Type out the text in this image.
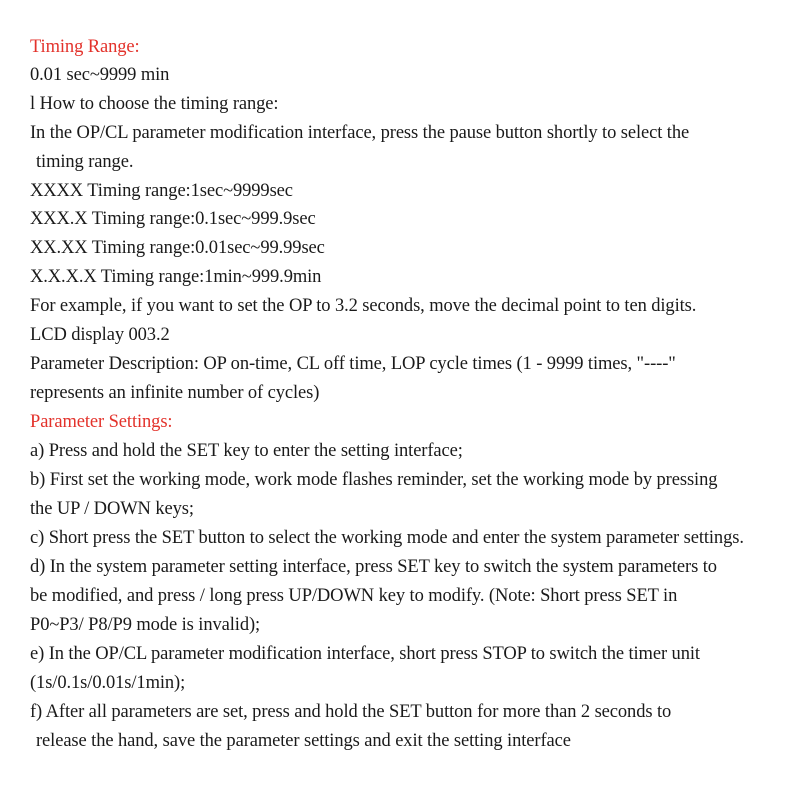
Timing Range:
0.01 sec~9999 min
l How to choose the timing range:
In the OP/CL parameter modification interface, press the pause button shortly to select the
timing range.
XXXX Timing range:1sec~9999sec
XXX.X Timing range:0.1sec~999.9sec
XX.XX Timing range:0.01sec~99.99sec
X.X.X.X Timing range:1min~999.9min
For example, if you want to set the OP to 3.2 seconds, move the decimal point to ten digits.
LCD display 003.2
Parameter Description: OP on-time, CL off time, LOP cycle times (1 - 9999 times, "----"
represents an infinite number of cycles)
Parameter Settings:
a) Press and hold the SET key to enter the setting interface;
b) First set the working mode, work mode flashes reminder, set the working mode by pressing
the UP / DOWN keys;
c) Short press the SET button to select the working mode and enter the system parameter settings.
d) In the system parameter setting interface, press SET key to switch the system parameters to
be modified, and press / long press UP/DOWN key to modify. (Note: Short press SET in
P0~P3/ P8/P9 mode is invalid);
e) In the OP/CL parameter modification interface, short press STOP to switch the timer unit
(1s/0.1s/0.01s/1min);
f) After all parameters are set, press and hold the SET button for more than 2 seconds to
release the hand, save the parameter settings and exit the setting interface
